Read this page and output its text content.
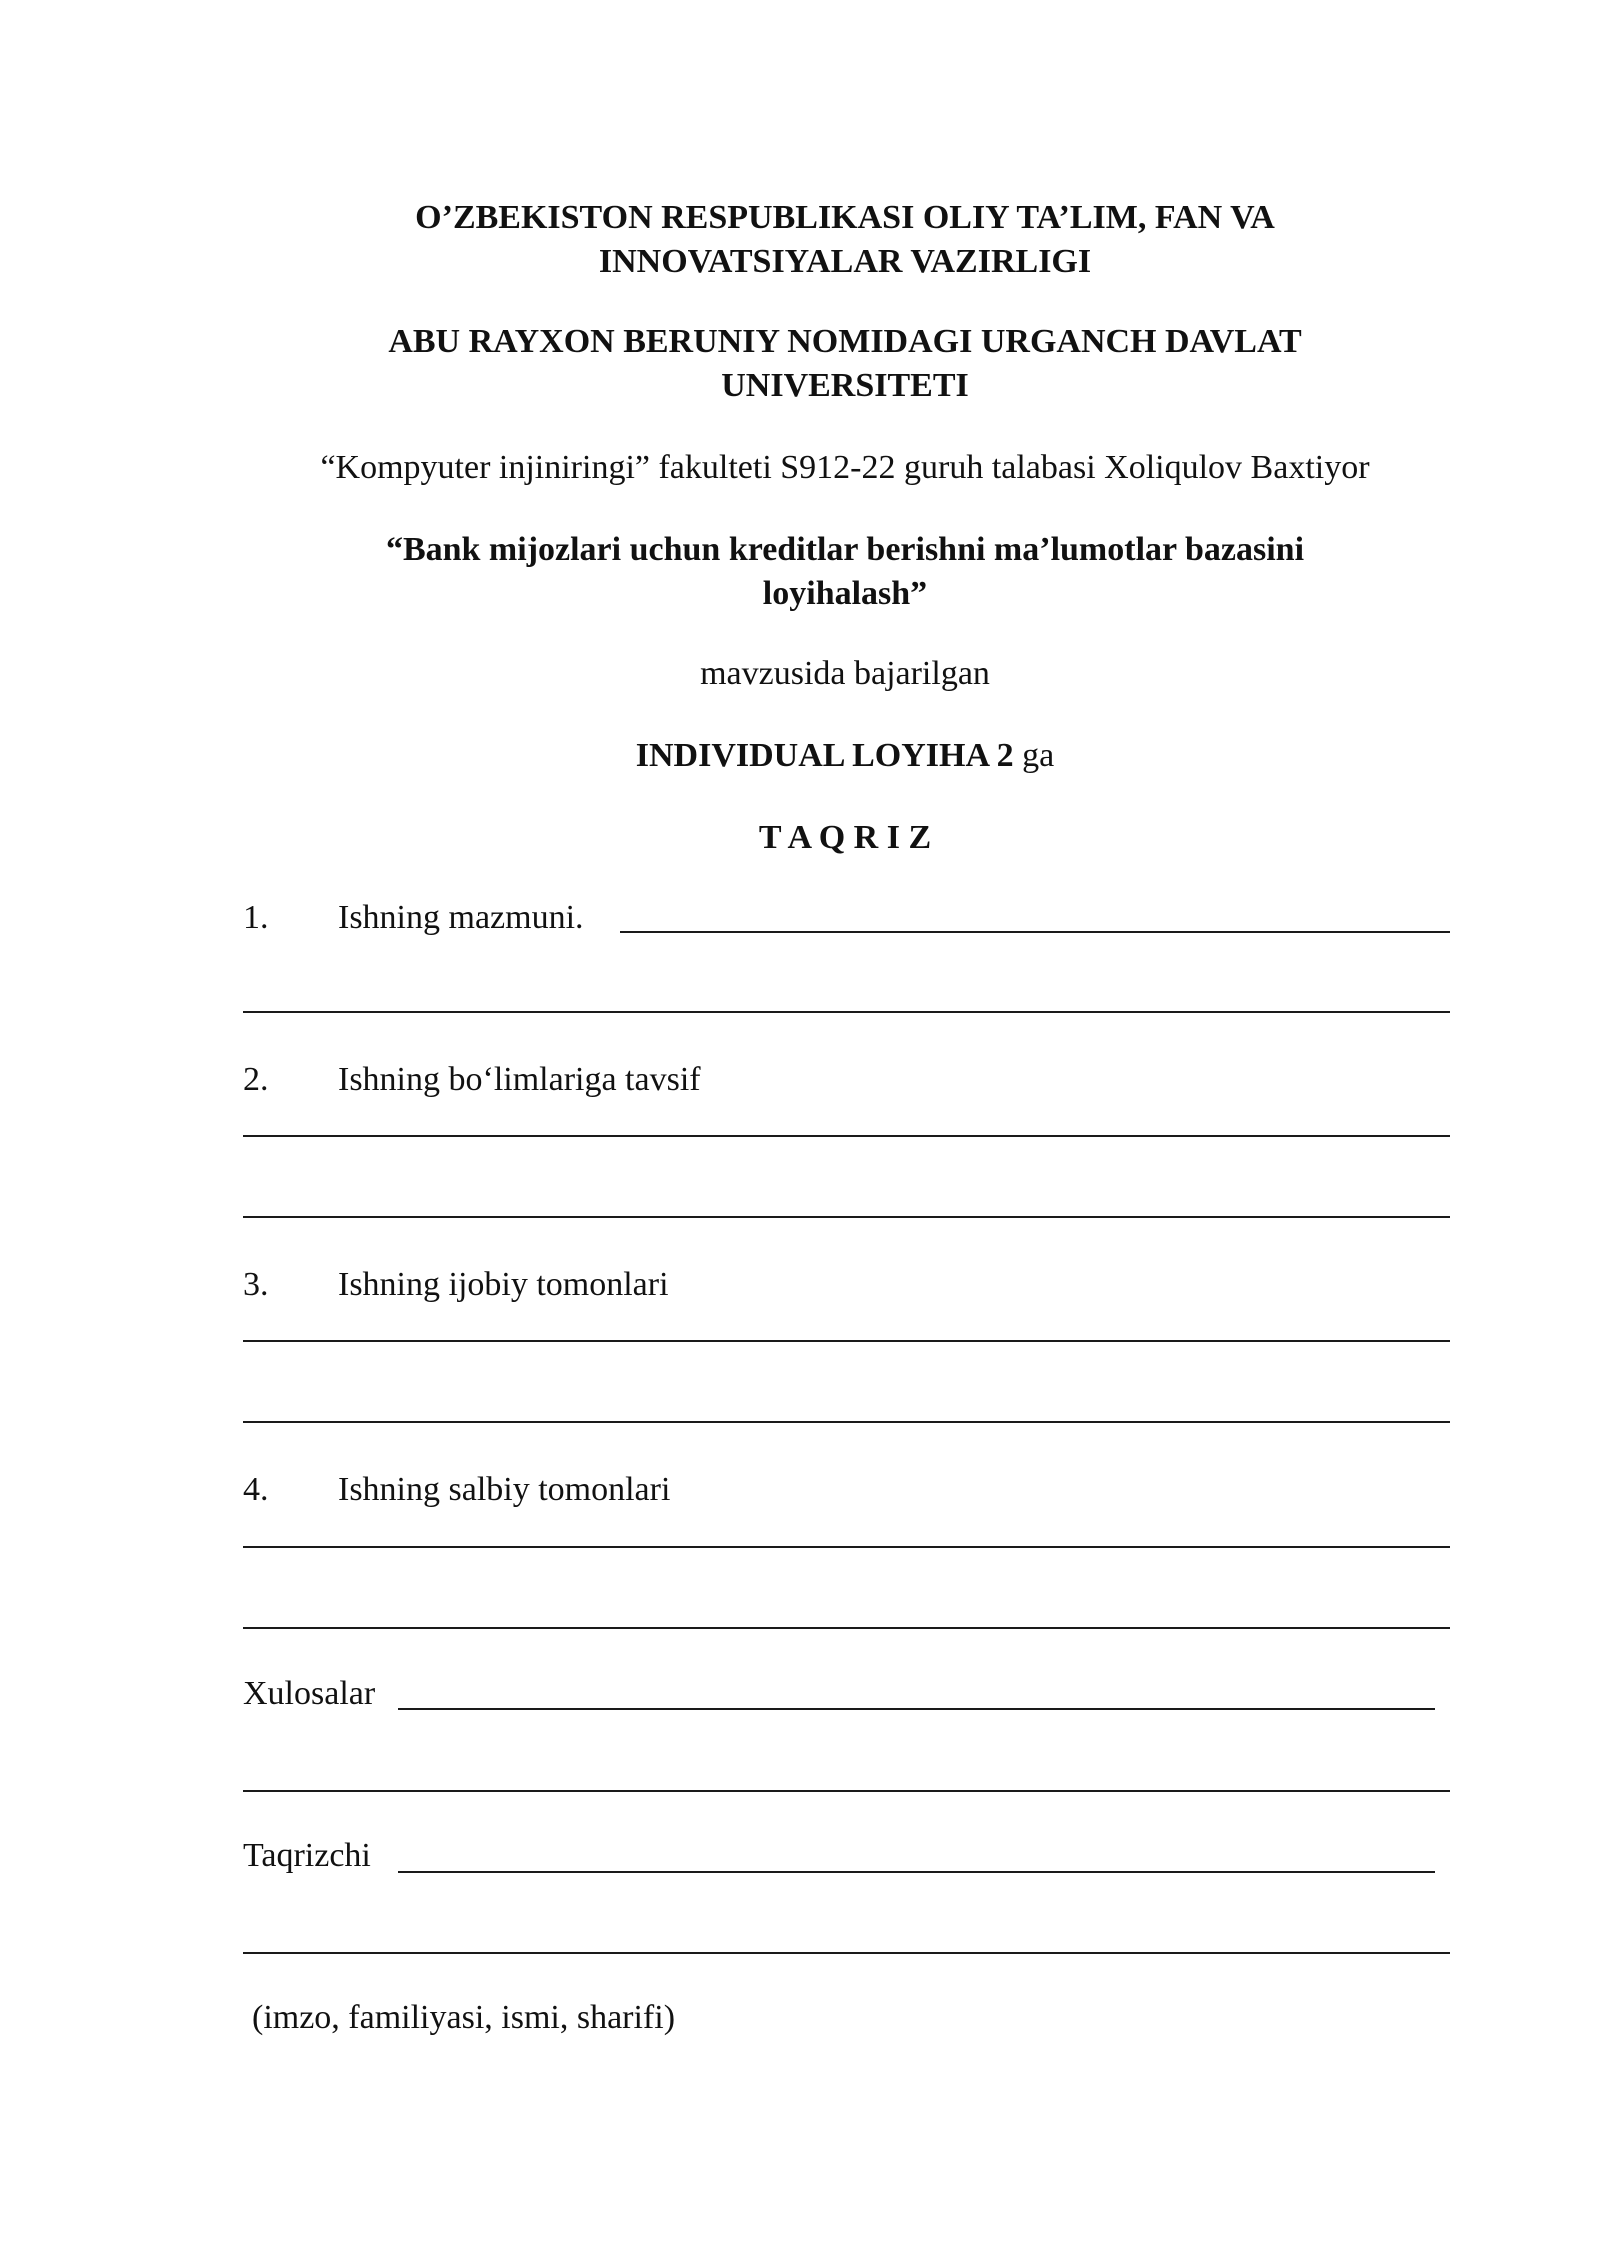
O’ZBEKISTON RESPUBLIKASI OLIY TA’LIM, FAN VA
INNOVATSIYALAR VAZIRLIGI
ABU RAYXON BERUNIY NOMIDAGI URGANCH DAVLAT
UNIVERSITETI
“Kompyuter injiniringi” fakulteti S912-22 guruh talabasi Xoliqulov Baxtiyor
“Bank mijozlari uchun kreditlar berishni ma’lumotlar bazasini
loyihalash”
mavzusida bajarilgan
INDIVIDUAL LOYIHA 2 ga
T A Q R I Z
1. Ishning mazmuni.
2. Ishning bo‘limlariga tavsif
3. Ishning ijobiy tomonlari
4. Ishning salbiy tomonlari
Xulosalar
Taqrizchi
(imzo, familiyasi, ismi, sharifi)
